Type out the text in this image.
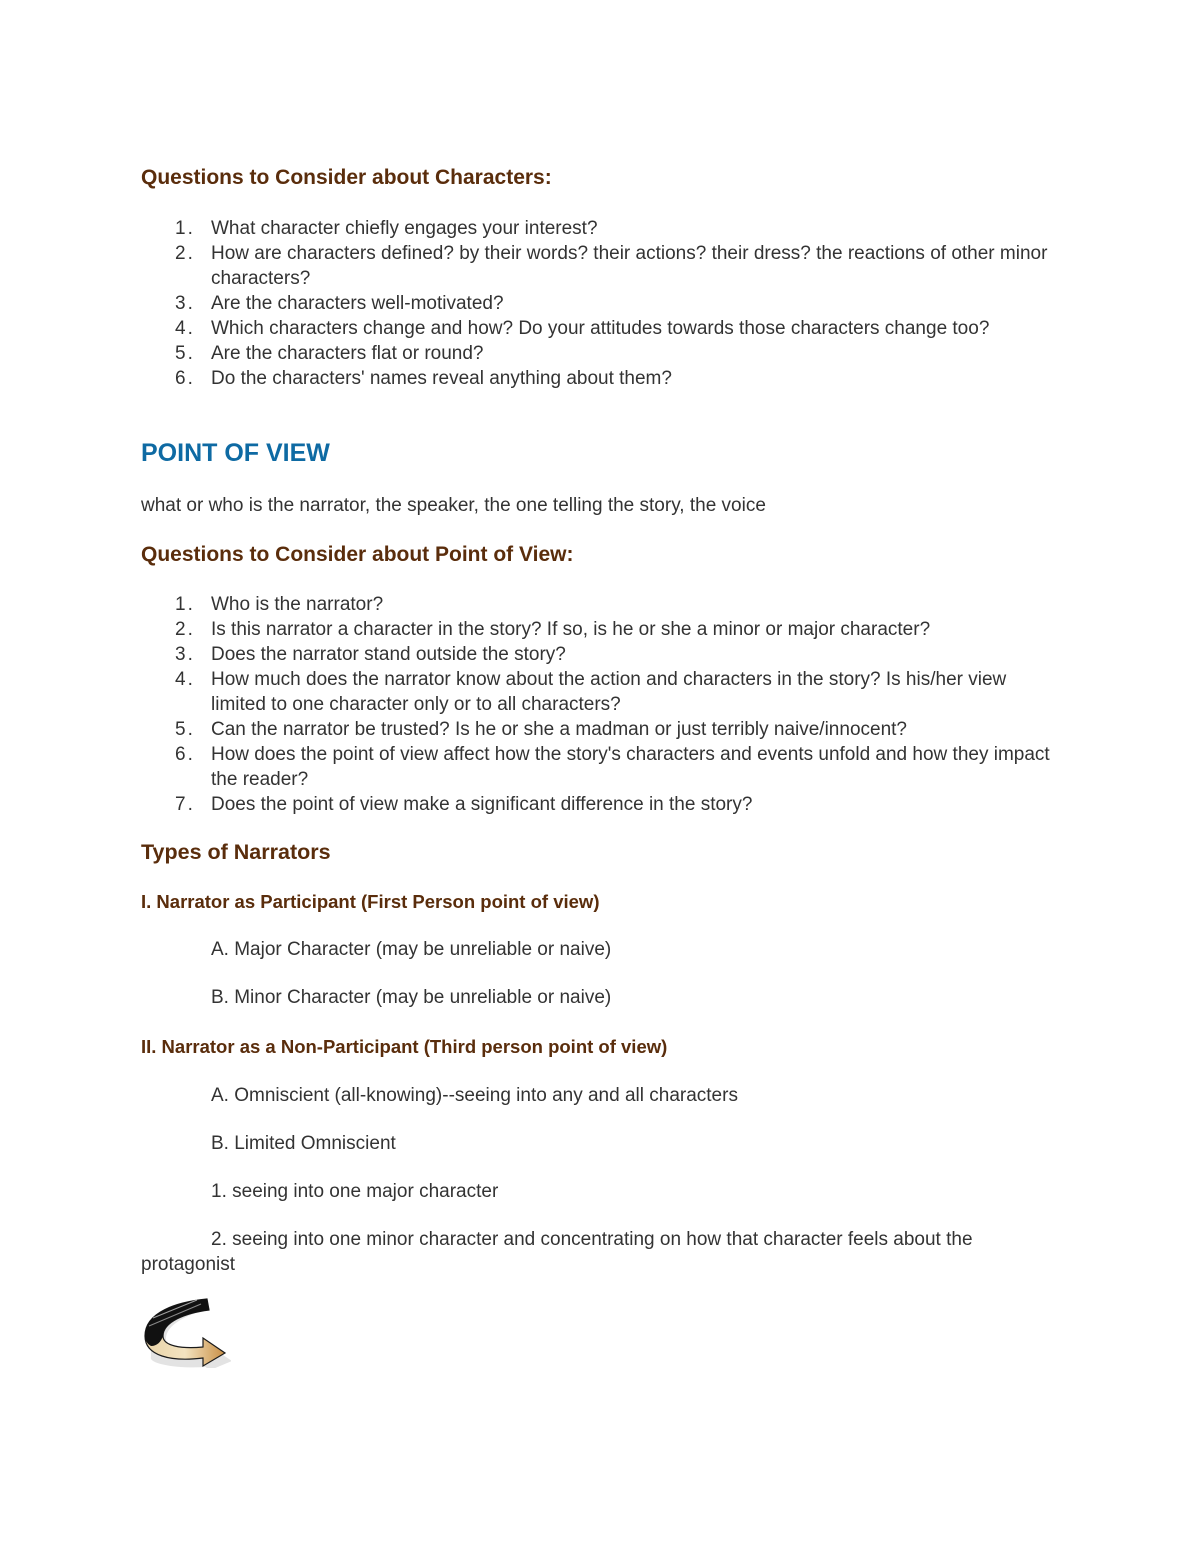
Questions to Consider about Characters:
1. What character chiefly engages your interest?
2. How are characters defined? by their words? their actions? their dress? the reactions of other minor characters?
3. Are the characters well-motivated?
4. Which characters change and how? Do your attitudes towards those characters change too?
5. Are the characters flat or round?
6. Do the characters' names reveal anything about them?
POINT OF VIEW

what or who is the narrator, the speaker, the one telling the story, the voice

Questions to Consider about Point of View:
1. Who is the narrator?
2. Is this narrator a character in the story? If so, is he or she a minor or major character?
3. Does the narrator stand outside the story?
4. How much does the narrator know about the action and characters in the story? Is his/her view limited to one character only or to all characters?
5. Can the narrator be trusted? Is he or she a madman or just terribly naive/innocent?
6. How does the point of view affect how the story's characters and events unfold and how they impact the reader?
7. Does the point of view make a significant difference in the story?
Types of Narrators
I. Narrator as Participant (First Person point of view)

A. Major Character (may be unreliable or naive)

B. Minor Character (may be unreliable or naive)

II. Narrator as a Non-Participant (Third person point of view)

A. Omniscient (all-knowing)--seeing into any and all characters

B. Limited Omniscient

1. seeing into one major character

2. seeing into one minor character and concentrating on how that character feels about the protagonist
